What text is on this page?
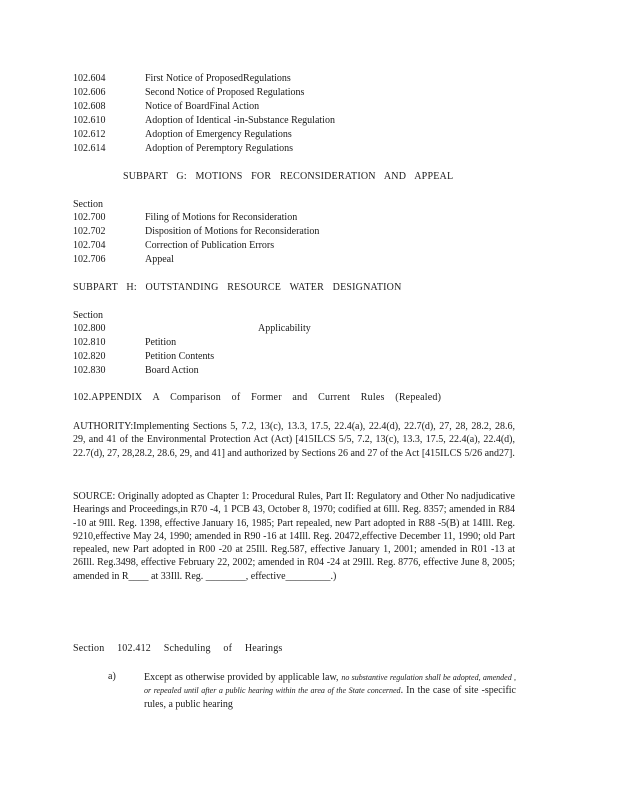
102.604	First Notice of ProposedRegulations
102.606	Second Notice of Proposed Regulations
102.608	Notice of BoardFinal Action
102.610	Adoption of Identical -in-Substance Regulation
102.612	Adoption of Emergency Regulations
102.614	Adoption of Peremptory Regulations
SUBPART G: MOTIONS FOR RECONSIDERATION AND APPEAL
Section
102.700	Filing of Motions for Reconsideration
102.702	Disposition of Motions for Reconsideration
102.704	Correction of Publication Errors
102.706	Appeal
SUBPART H: OUTSTANDING RESOURCE WATER DESIGNATION
Section
102.800	Applicability
102.810	Petition
102.820	Petition Contents
102.830	Board Action
102.APPENDIX A Comparison of Former and Current Rules (Repealed)
AUTHORITY:Implementing Sections 5, 7.2, 13(c), 13.3, 17.5, 22.4(a), 22.4(d), 22.7(d), 27, 28, 28.2, 28.6, 29, and 41 of the Environmental Protection Act (Act) [415ILCS 5/5, 7.2, 13(c), 13.3, 17.5, 22.4(a), 22.4(d), 22.7(d), 27, 28,28.2, 28.6, 29, and 41] and authorized by Sections 26 and 27 of the Act [415ILCS 5/26 and27].
SOURCE: Originally adopted as Chapter 1: Procedural Rules, Part II: Regulatory and Other No nadjudicative Hearings and Proceedings,in R70 -4, 1 PCB 43, October 8, 1970; codified at 6Ill. Reg. 8357; amended in R84 -10 at 9Ill. Reg. 1398, effective January 16, 1985; Part repealed, new Part adopted in R88 -5(B) at 14Ill. Reg. 9210,effective May 24, 1990; amended in R90 -16 at 14Ill. Reg. 20472,effective December 11, 1990; old Part repealed, new Part adopted in R00 -20 at 25Ill. Reg.587, effective January 1, 2001; amended in R01 -13 at 26Ill. Reg.3498, effective February 22, 2002; amended in R04 -24 at 29Ill. Reg. 8776, effective June 8, 2005; amended in R____ at 33Ill. Reg. ________, effective_________.)
Section 102.412 Scheduling of Hearings
a)	Except as otherwise provided by applicable law, no substantive regulation shall be adopted, amended , or repealed until after a public hearing within the area of the State concerned. In the case of site -specific rules, a public hearing
